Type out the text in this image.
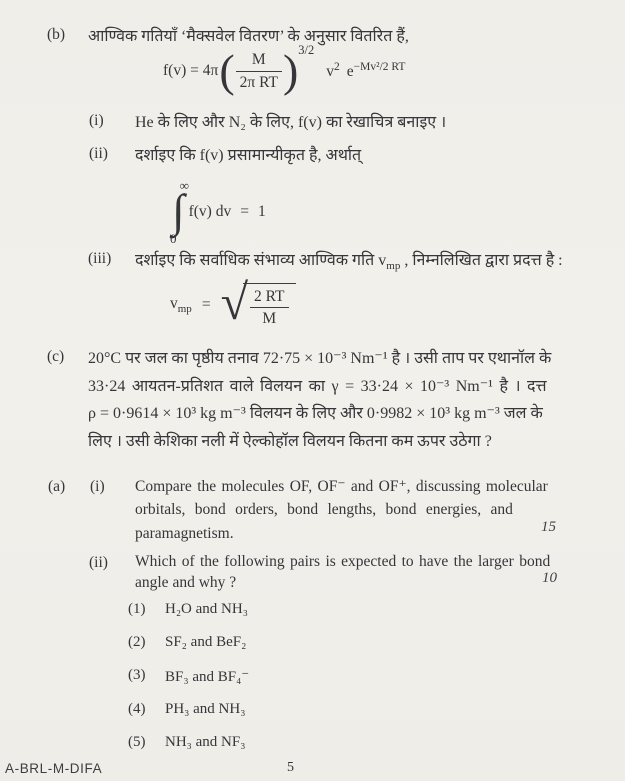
(b) आण्विक गतियाँ ‘मैक्सवेल वितरण’ के अनुसार वितरित हैं,
f(v) = 4π ( $\frac{M}{\text{2π RT}}$ ) 3/2
$v^2$ $e^{-Mv^2/2 RT}$
(i) He के लिए और N₂ के लिए, f(v) का रेखाचित्र बनाइए ।
(ii) दर्शाइए कि f(v) प्रसामान्यीकृत है, अर्थात्
∞
∫
0
f(v) dv = 1
(iii) दर्शाइए कि सर्वाधिक संभाव्य आण्विक गति $v_{mp}$ , निम्नलिखित द्वारा प्रदत्त है :
$v_{mp}$ = √ $\frac{2 RT}{M}$
(c) 20°C पर जल का पृष्ठीय तनाव 72·75 × 10⁻³ Nm⁻¹ है । उसी ताप पर एथानॉल के
33·24 आयतन-प्रतिशत वाले विलयन का γ = 33·24 × 10⁻³ Nm⁻¹ है । दत्त
ρ = 0·9614 × 10³ kg m⁻³ विलयन के लिए और 0·9982 × 10³ kg m⁻³ जल के
लिए । उसी केशिका नली में ऐल्कोहॉल विलयन कितना कम ऊपर उठेगा ?
(a) (i) Compare the molecules OF, OF⁻ and OF⁺, discussing molecular
orbitals, bond orders, bond lengths, bond energies, and
paramagnetism.	15
(ii) Which of the following pairs is expected to have the larger bond
angle and why ?	10
(1) H₂O and NH₃
(2) SF₂ and BeF₂
(3) BF₃ and BF₄⁻
(4) PH₃ and NH₃
(5) NH₃ and NF₃
A-BRL-M-DIFA	5
